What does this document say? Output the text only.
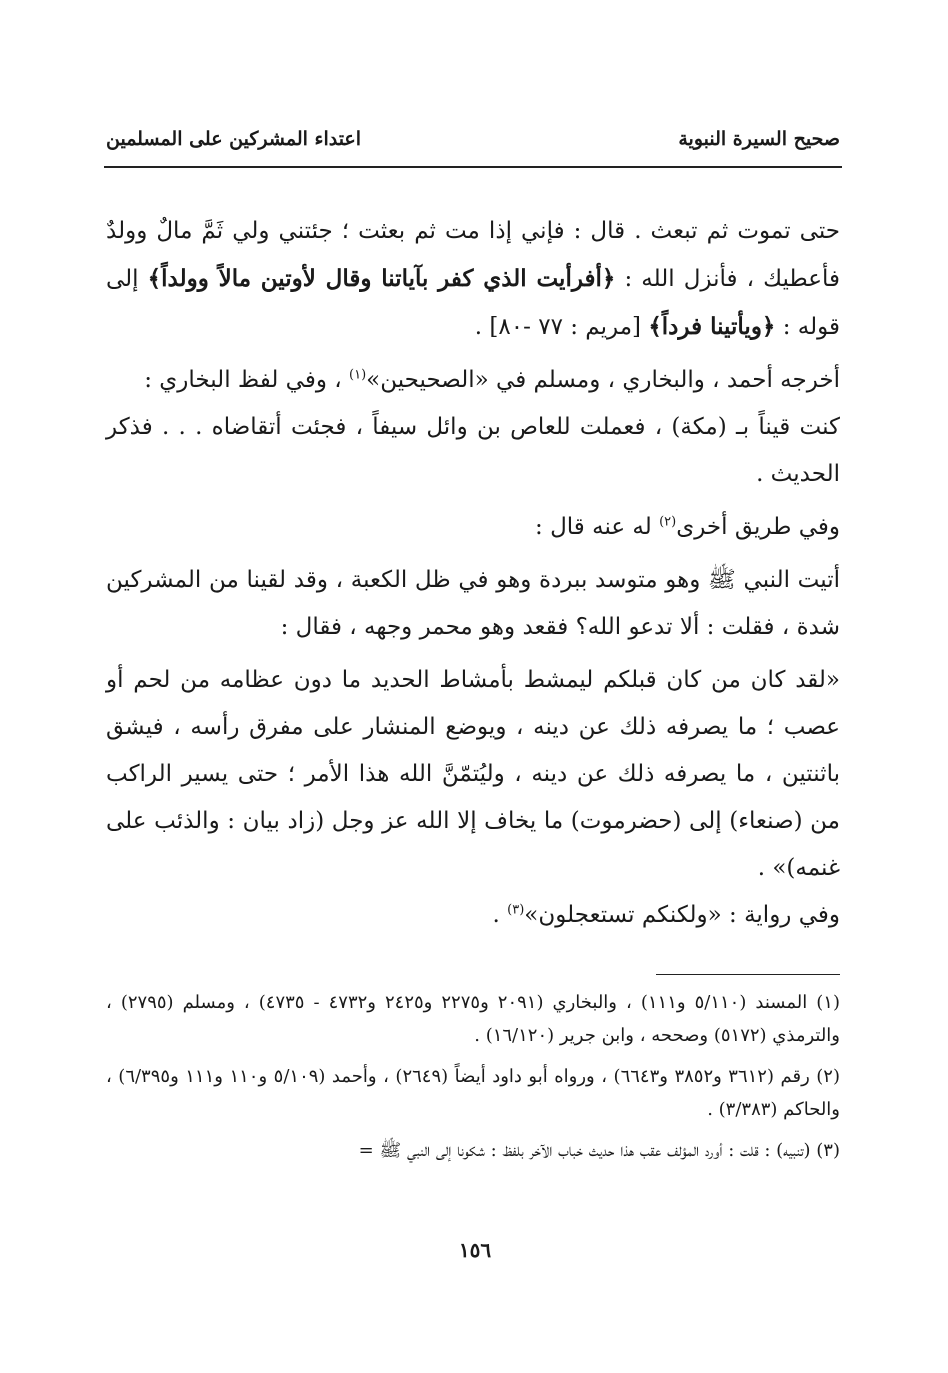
صحيح السيرة النبوية
اعتداء المشركين على المسلمين

حتى تموت ثم تبعث . قال : فإني إذا مت ثم بعثت ؛ جئتني ولي ثَمَّ مالٌ وولدٌ فأعطيك ، فأنزل الله : ﴿أفرأيت الذي كفر بآياتنا وقال لأوتين مالاً وولداً﴾ إلى قوله : ﴿ويأتينا فرداً﴾ [مريم : ٧٧ -٨٠] .

أخرجه أحمد ، والبخاري ، ومسلم في «الصحيحين»$^{(١)}$ ، وفي لفظ البخاري :

كنت قيناً بـ (مكة) ، فعملت للعاص بن وائل سيفاً ، فجئت أتقاضاه . . . فذكر الحديث .

وفي طريق أخرى$^{(٢)}$ له عنه قال :

أتيت النبي ﷺ وهو متوسد ببردة وهو في ظل الكعبة ، وقد لقينا من المشركين شدة ، فقلت : ألا تدعو الله؟ فقعد وهو محمر وجهه ، فقال :

«لقد كان من كان قبلكم ليمشط بأمشاط الحديد ما دون عظامه من لحم أو عصب ؛ ما يصرفه ذلك عن دينه ، ويوضع المنشار على مفرق رأسه ، فيشق باثنتين ، ما يصرفه ذلك عن دينه ، وليُتمّنَّ الله هذا الأمر ؛ حتى يسير الراكب من (صنعاء) إلى (حضرموت) ما يخاف إلا الله عز وجل (زاد بيان : والذئب على غنمه)» .

وفي رواية : «ولكنكم تستعجلون»$^{(٣)}$ .

(١) المسند (٥/١١٠ و١١١) ، والبخاري (٢٠٩١ و٢٢٧٥ و٢٤٢٥ و٤٧٣٢ - ٤٧٣٥) ، ومسلم (٢٧٩٥) ، والترمذي (٥١٧٢) وصححه ، وابن جرير (١٦/١٢٠) .

(٢) رقم (٣٦١٢ و٣٨٥٢ و٦٦٤٣) ، ورواه أبو داود أيضاً (٢٦٤٩) ، وأحمد (٥/١٠٩ و١١٠ و١١١ و٦/٣٩٥) ، والحاكم (٣/٣٨٣) .

(٣) (تنبيه) : قلت : أورد المؤلف عقب هذا حديث خباب الآخر بلفظ : شكونا إلى النبي ﷺ =

١٥٦
